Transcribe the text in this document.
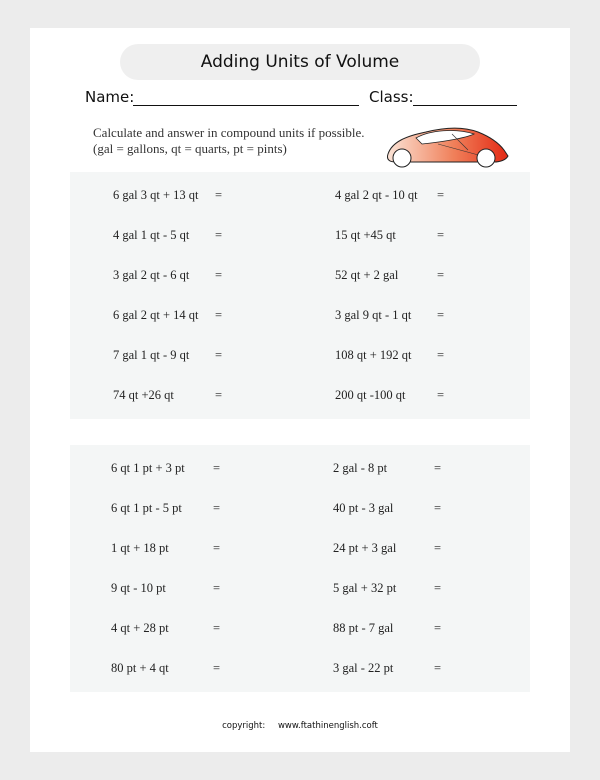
Adding Units of Volume
Name:	Class:
Calculate and answer in compound units if possible.
(gal = gallons, qt = quarts, pt = pints)
6 gal 3 qt + 13 qt =	4 gal 2 qt - 10 qt =
4 gal 1 qt - 5 qt =	15 qt +45 qt	=
3 gal 2 qt - 6 qt =	52 qt + 2 gal	=
6 gal 2 qt + 14 qt =	3 gal 9 qt - 1 qt =
7 gal 1 qt - 9 qt =	108 qt + 192 qt =
74 qt +26 qt	=	200 qt -100 qt	=
6 qt 1 pt + 3 pt =	2 gal - 8 pt	=
6 qt 1 pt - 5 pt =	40 pt - 3 gal	=
1 qt + 18 pt	=	24 pt + 3 gal	=
9 qt - 10 pt	=	5 gal + 32 pt	=
4 qt + 28 pt	=	88 pt - 7 gal	=
80 pt + 4 qt	=	3 gal - 22 pt	=
copyright: www.ftathinenglish.coft
